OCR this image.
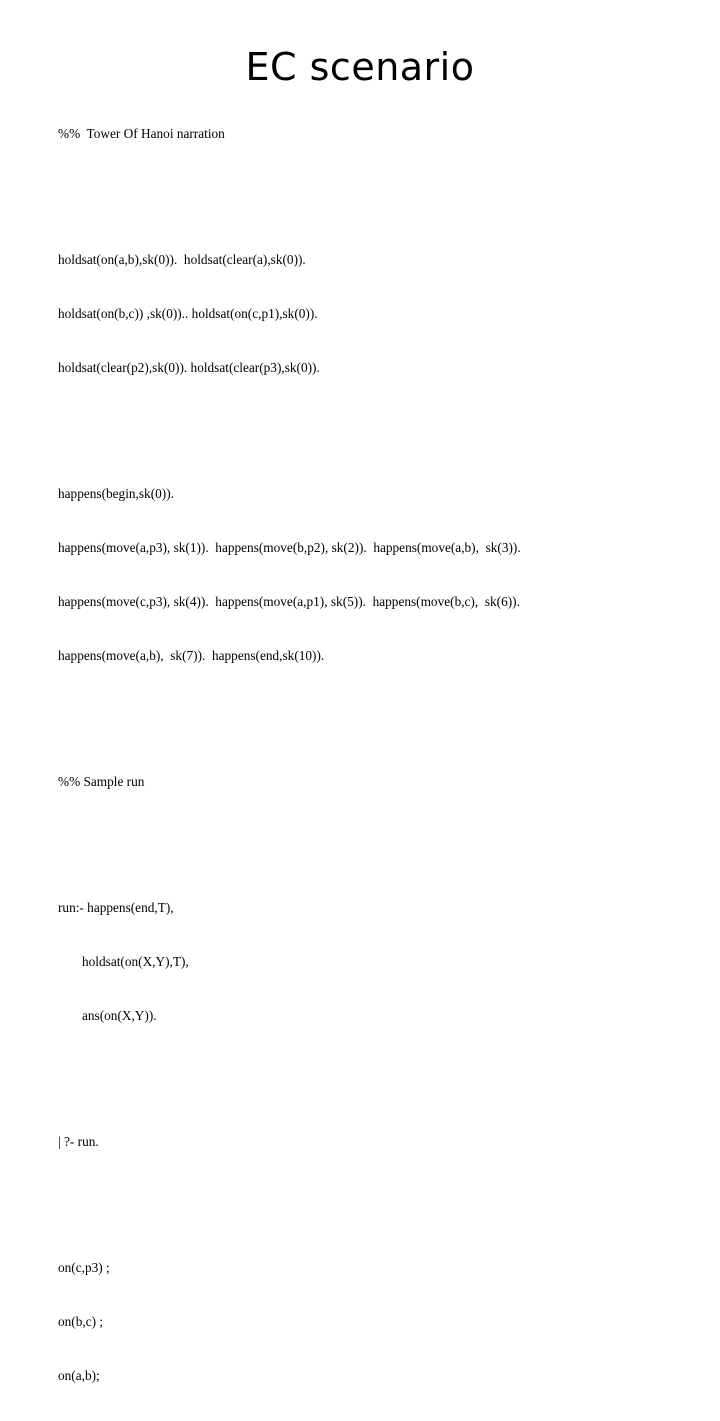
EC scenario

%%  Tower Of Hanoi narration

holdsat(on(a,b),sk(0)).  holdsat(clear(a),sk(0)).

holdsat(on(b,c)) ,sk(0)).. holdsat(on(c,p1),sk(0)).

holdsat(clear(p2),sk(0)). holdsat(clear(p3),sk(0)).

happens(begin,sk(0)).

happens(move(a,p3), sk(1)).  happens(move(b,p2), sk(2)).  happens(move(a,b),  sk(3)).

happens(move(c,p3), sk(4)).  happens(move(a,p1), sk(5)).  happens(move(b,c),  sk(6)).

happens(move(a,b),  sk(7)).  happens(end,sk(10)).

%% Sample run

run:- happens(end,T),

holdsat(on(X,Y),T),

ans(on(X,Y)).

| ?- run.

on(c,p3) ;

on(b,c) ;

on(a,b);
